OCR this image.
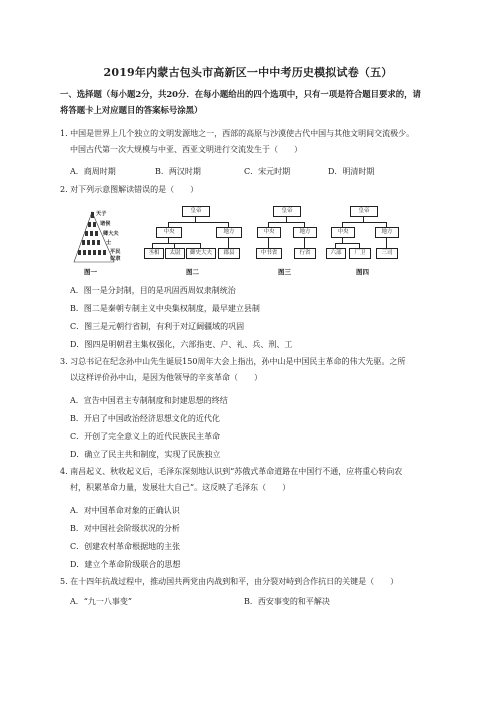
2019年内蒙古包头市高新区一中中考历史模拟试卷（五）
一、选择题（每小题2分，共20分．在每小题给出的四个选项中，只有一项是符合题目要求的，请
将答题卡上对应题目的答案标号涂黑）
1. 中国是世界上几个独立的文明发源地之一，西部的高原与沙漠使古代中国与其他文明间交流极少。
中国古代第一次大规模与中亚、西亚文明进行交流发生于（　　）
A．商周时期	B．两汉时期	C．宋元时期	D．明清时期
2. 对下列示意图解读错误的是（　　）
天子
诸侯
卿大夫
士
平民
奴隶
图一
皇帝
中央	地方
丞相	太尉	御史大夫	郡县
图二
皇帝
中央	地方
中书省	行省
图三
皇帝
中央	地方
六部	厂卫	三司
图四
A．图一是分封制，目的是巩固西周奴隶制统治
B．图二是秦朝专制主义中央集权制度，最早建立县制
C．图三是元朝行省制，有利于对辽阔疆域的巩固
D．图四是明朝君主集权强化，六部指吏、户、礼、兵、刑、工
3. 习总书记在纪念孙中山先生诞辰150周年大会上指出，孙中山是中国民主革命的伟大先驱。之所
以这样评价孙中山，是因为他领导的辛亥革命（　　）
A．宣告中国君主专制制度和封建思想的终结
B．开启了中国政治经济思想文化的近代化
C．开创了完全意义上的近代民族民主革命
D．确立了民主共和制度，实现了民族独立
4. 南昌起义、秋收起义后，毛泽东深刻地认识到“苏俄式革命道路在中国行不通，应将重心转向农
村，积累革命力量，发展壮大自己”。这反映了毛泽东（　　）
A．对中国革命对象的正确认识
B．对中国社会阶级状况的分析
C．创建农村革命根据地的主张
D．建立个革命阶级联合的思想
5. 在十四年抗战过程中，推动国共两党由内战到和平，由分裂对峙到合作抗日的关键是（　　）
A．“九一八事变”	B．西安事变的和平解决
